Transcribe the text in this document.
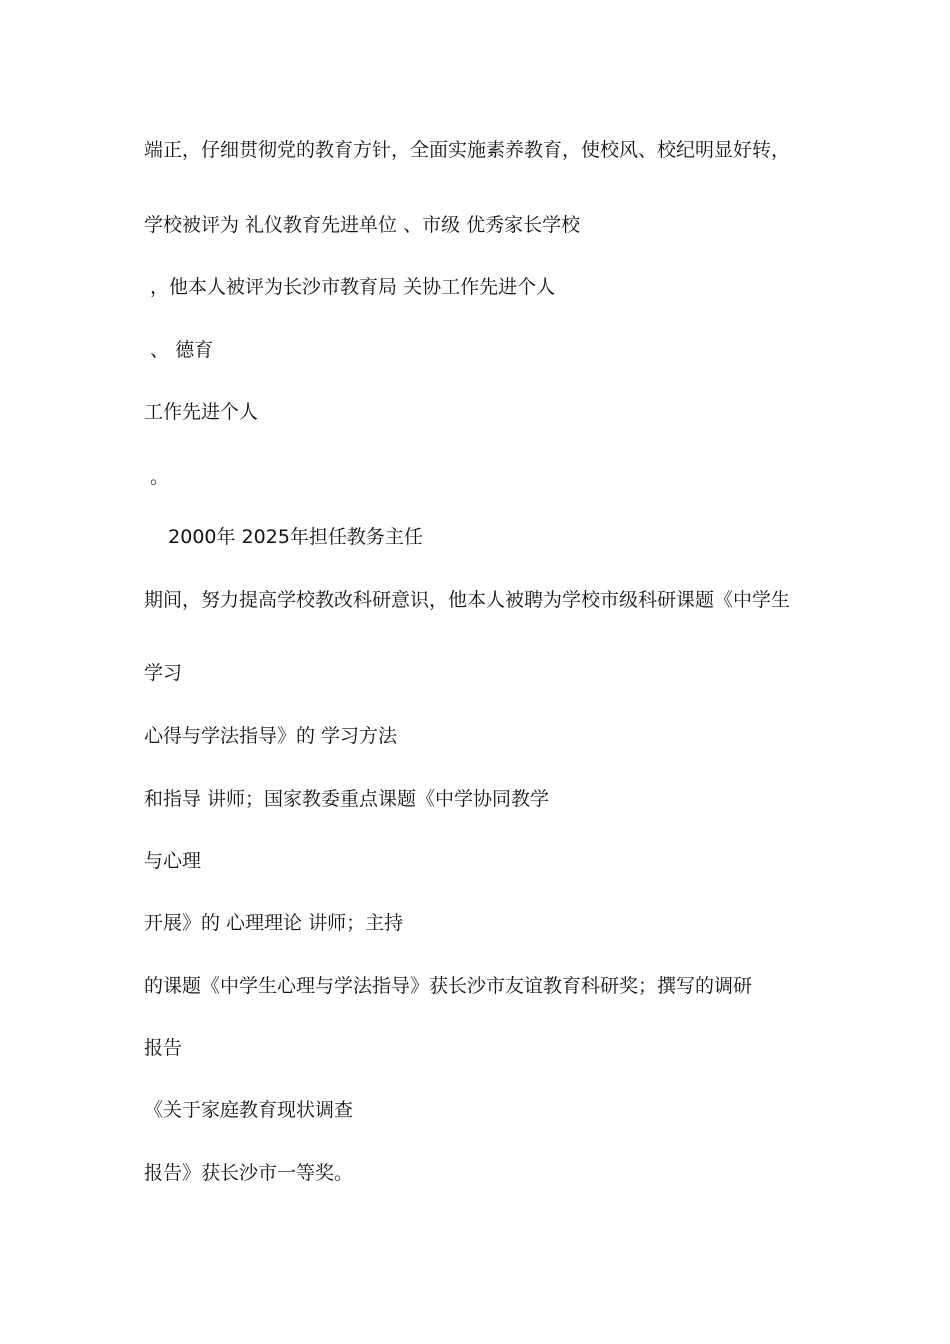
端正，仔细贯彻党的教育方针，全面实施素养教育，使校风、校纪明显好转，

学校被评为 礼仪教育先进单位 、市级 优秀家长学校

，他本人被评为长沙市教育局 关协工作先进个人

、 德育

工作先进个人

。

2000年 2025年担任教务主任

期间，努力提高学校教改科研意识，他本人被聘为学校市级科研课题《中学生

学习

心得与学法指导》的 学习方法

和指导 讲师；国家教委重点课题《中学协同教学

与心理

开展》的 心理理论 讲师；主持

的课题《中学生心理与学法指导》获长沙市友谊教育科研奖；撰写的调研

报告

《关于家庭教育现状调查

报告》获长沙市一等奖。
